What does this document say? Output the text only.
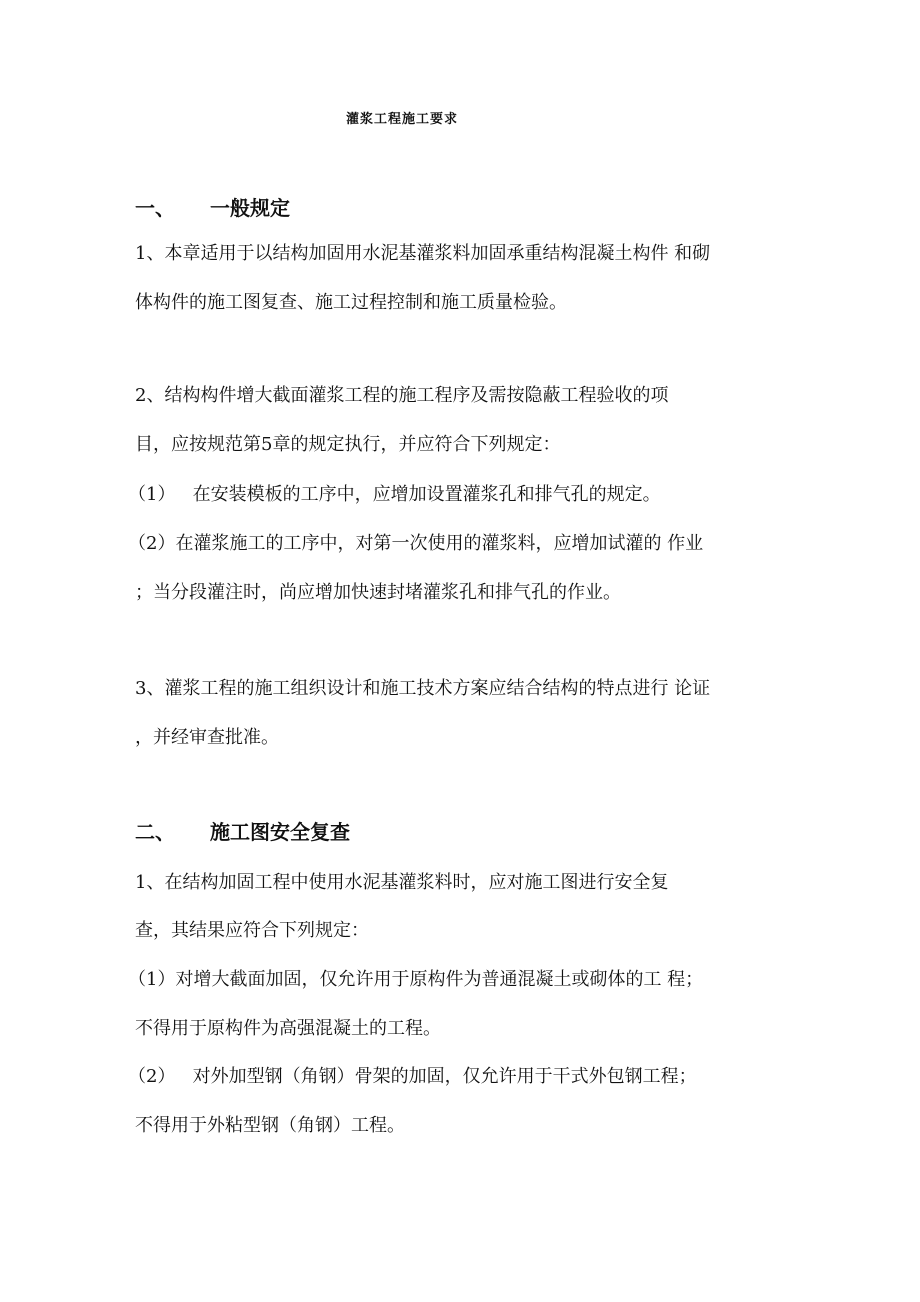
灌浆工程施工要求
一、 一般规定
1、本章适用于以结构加固用水泥基灌浆料加固承重结构混凝土构件 和砌
体构件的施工图复查、施工过程控制和施工质量检验。
2、结构构件增大截面灌浆工程的施工程序及需按隐蔽工程验收的项
目，应按规范第5章的规定执行，并应符合下列规定：
（1）   在安装模板的工序中，应增加设置灌浆孔和排气孔的规定。
（2）在灌浆施工的工序中，对第一次使用的灌浆料，应增加试灌的 作业
；当分段灌注时，尚应增加快速封堵灌浆孔和排气孔的作业。
3、灌浆工程的施工组织设计和施工技术方案应结合结构的特点进行 论证
，并经审查批准。
二、 施工图安全复查
1、在结构加固工程中使用水泥基灌浆料时，应对施工图进行安全复
查，其结果应符合下列规定：
（1）对增大截面加固，仅允许用于原构件为普通混凝土或砌体的工 程；
不得用于原构件为高强混凝土的工程。
（2）   对外加型钢（角钢）骨架的加固，仅允许用于干式外包钢工程；
不得用于外粘型钢（角钢）工程。
